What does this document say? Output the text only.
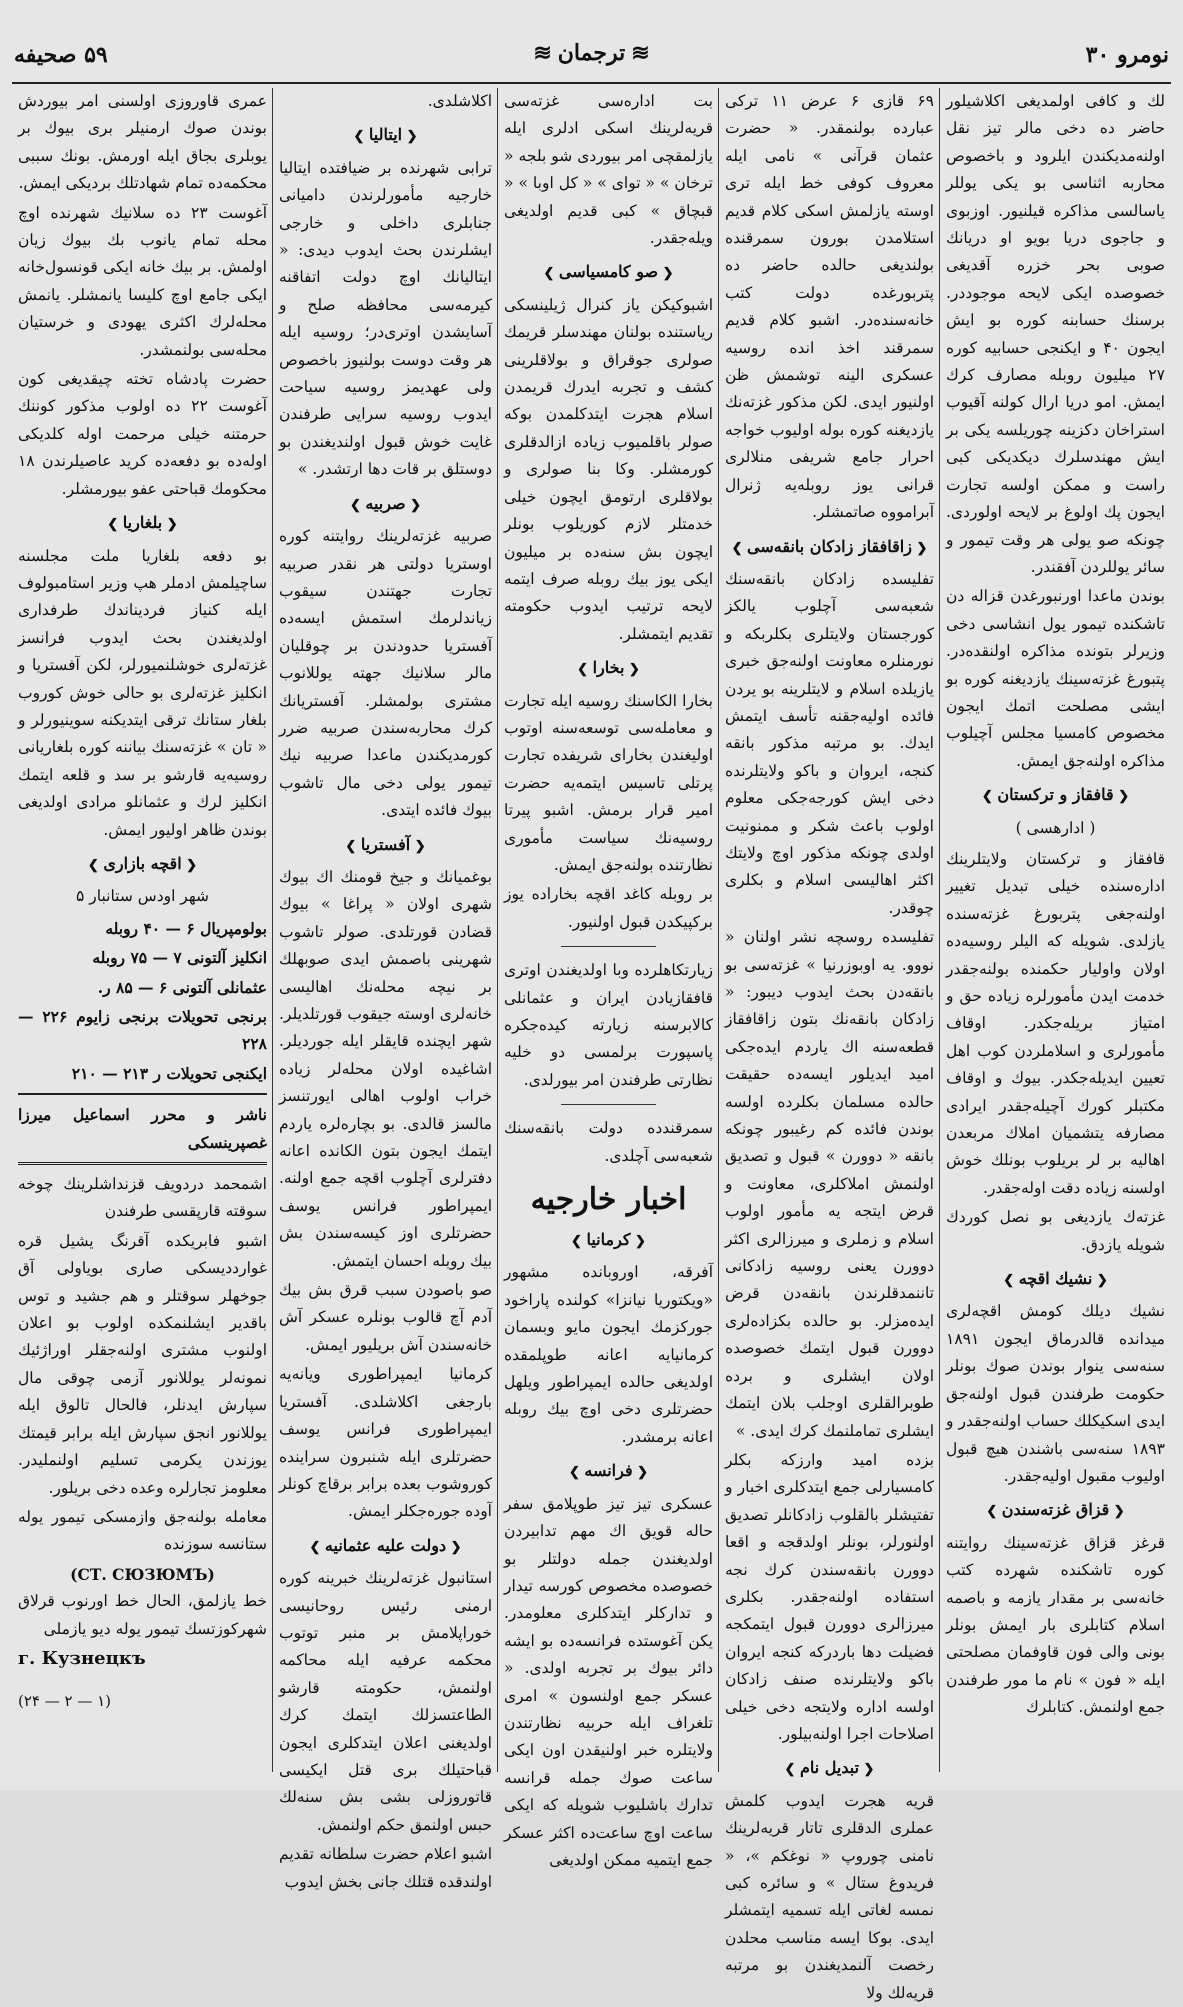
نومرو ۳۰
≋ ترجمان ≋
۵۹ صحیفه

لك و كافی اولمدیغی اكلاشیلور حاضر ده دخی مالر تیز نقل اولنه‌مدیکندن ایلرود و باخصوص محاربه اثناسی بو یكی یوللر یاسالسی مذاكره قیلنیور. اوزبوی و جاجوی دریا بویو او دریانك صوبی بحر خزره آقدیغی خصوصده ایكی لایحه موجوددر. برسنك حسابنه كوره بو ایش ایجون ۴۰ و ایكنجی حسابیه كوره ۲۷ میلیون روبله مصارف كرك ایمش. امو دریا ارال كولنه آقیوب استراخان دكزینه چوریلسه یكی بر ایش مهندسلرك دیكدیكی كبی راست و ممكن اولسه تجارت ایجون پك اولوغ بر لایحه اولوردی. چونكه صو یولی هر وقت تیمور و سائر یوللردن آفقندر.

بوندن ماعدا اورنبورغدن قزاله دن تاشكنده تیمور یول انشاسی دخی وزیرلر بتونده مذاكره اولنقده‌در. پتبورغ غزته‌سینك یازدیغنه كوره بو ایشی مصلحت اتمك ایجون مخصوص كامسیا مجلس آچیلوب مذاكره اولنه‌جق ایمش.

❮ قافقاز و تركستان ❯
( ادارهسی )

قافقاز و تركستان ولایتلرینك اداره‌سنده خیلی تبدیل تغییر اولنه‌جغی پتربورغ غزته‌سنده یازلدی. شویله كه الیلر رو‌سیه‌ده اولان واولیار حكمنده بولنه‌جقدر خدمت ایدن مأمورلره زیاده حق و امتیاز بریله‌جكدر. اوقاف مأمورلری و اسلاملردن كوب اهل تعیین ایدیله‌جكدر. بیوك و اوقاف مكتبلر كورك آچیله‌جقدر ایرادی مصارفه یتشمیان املاك مربعدن اهالیه بر لر بریلوب بونلك خوش اولسنه زیاده دقت اوله‌جقدر.

غزته‌ك یازدیغی بو نصل كوردك شویله یازدق.

❮ نشیك اقچه ❯

نشیك دیلك كومش اقچه‌لری میدانده قالدرماق ایجون ۱۸۹۱ سنه‌سی ینوار بوندن صوك بونلر حكومت طرفندن قبول اولنه‌جق ایدی اسكیكلك حساب اولنه‌جقدر و ۱۸۹۳ سنه‌سی باشندن هیچ قبول اولیوب مقبول اولیه‌جقدر.

❮ قزاق غزته‌سندن ❯

قرغز قزاق غزته‌سینك روایتنه كوره تاشكنده شهرده كتب خانه‌سی بر مقدار یازمه و باصمه اسلام كتابلری بار ایمش بونلر بونی والی فون قاوفمان مصلحتی ایله « فون » نام ما مور طرفندن جمع اولنمش. كتابلرك

۶۹ قازی ۶ عرض ۱۱ تركی عبارده بولنمقدر. « حضرت عثمان قرآنی » نامی ایله معروف كوفی خط ایله تری اوسته یازلمش اسكی كلام قدیم استلامدن بورون سمرقنده بولندیغی حالده حاضر ده پتربورغده دولت كتب خانه‌سنده‌در. اشبو كلام قدیم سمرقند اخذ انده روسیه عسكری الینه توشمش ظن اولنیور ایدی. لكن مذكور غزته‌نك یازدیغنه كوره بوله اولیوب خواجه احرار جامع شریفی منلالری قرانی یوز روبله‌یه ژنرال آبرامووه صاتمشلر.

❮ زاقافقاز زادكان بانقه‌سی ❯

تفلیسده زادكان بانقه‌سنك شعبه‌سی آچلوب یالكز كورجستان ولایتلری بكلربكه و نورمنلره معاونت اولنه‌جق خبری یازیلده اسلام و لایتلرینه بو یردن فائده اولیه‌جقنه تأسف ایتمش ایدك. بو مرتبه مذكور بانقه كنجه، ایروان و باكو ولایتلرنده دخی ایش كورجه‌جكی معلوم اولوب باعث شكر و ممنونیت اولدی چونكه مذكور اوچ ولایتك اكثر اهالیسی اسلام و بكلری چوقدر.

تفلیسده روسچه نشر اولنان « نووو. یه اوبوزرنیا » غزته‌سی بو بانقه‌دن بحث ایدوب دیبور: « زادكان بانقه‌نك بتون زاقافقاز قطعه‌سنه اك یاردم ایده‌جكی امید ایدیلور ایسه‌ده حقیقت حالده مسلمان بكلرده اولسه بوندن فائده كم رغیبور چونكه بانقه « دوورن » قبول و تصدیق اولنمش املاكلری، معاونت و قرض ایتجه یه مأمور اولوب اسلام و زملری و میرزالری اكثر دوورن یعنی روسیه زادكانی تاننمدقلرندن بانقه‌دن قرض ایده‌مزلر. بو حالده بكزاده‌لری دوورن قبول ایتمك خصوصده اولان ایشلری و برده طوبرالقلری اوجلب بلان ایتمك ایشلری تماملنمك كرك ایدی. »

بزده امید وارزكه بكلر كامسیارلی جمع ایتدكلری اخبار و تفتیشلر بالقلوب زادكانلر تصدیق اولنورلر، بونلر اولدقجه و اقعا دوورن بانقه‌سندن كرك نجه استفاده اولنه‌جقدر. بكلری میرزالری دوورن قبول ایتمكجه فضیلت دها بار‌دركه كنجه ایروان باكو ولایتلرنده صنف زادكان اولسه اداره ولایتجه دخی خیلی اصلاحات اجرا اولنه‌بیلور.

❮ تبدیل نام ❯

قریه هجرت ایدوب كلمش عملری الدقلری تاتار قریه‌لرینك نامنی چوروپ « نوغكم »، « فریدوغ ستال » و سائره كبی نمسه لغاتی ایله تسمیه ایتمشلر ایدی. بوكا ایسه مناسب محلدن رخصت آلنمدیغندن بو مرتبه قریه‌لك ولا

بت اداره‌سی غزته‌سی قریه‌لرینك اسكی ادلری ایله یازلمقچی امر بیوردی شو بلجه « ترخان » « توای » « كل اوبا » « قبچاق » كبی قدیم اولدیغی ویله‌جقدر.

❮ صو كامسیاسی ❯

اشبوكیكن یاز كنرال ژیلینسكی ریاستنده بولنان مهندسلر قریمك صولری جوقراق و بولاقلرینی كشف و تجربه ایدرك قریمدن اسلام هجرت ایتدكلمدن بوكه صولر باقلمیوب زیاده ازالدقلری كورمشلر. وكا بنا صولری و بولاقلری ارتومق ایچون خیلی خدمتلر لازم كوریلوب بونلر ایچون بش سنه‌ده بر میلیون ایكی یوز بیك روبله صرف ایتمه لایحه ترتیب ایدوب حكومته تقدیم ایتمشلر.

❮ بخارا ❯

بخارا الكاسنك روسیه ایله تجارت و معامله‌سی توسعه‌سنه اوتوب اولیغندن بخارای شریفده تجارت پرتلی تاسیس ایتمه‌یه حضرت امیر قرار برمش. اشبو پیرتا روسیه‌نك سیاست مأموری نظارتنده بولنه‌جق ایمش.

بر روبله كاغد اقچه بخاراده یوز بركپیكدن قبول اولنیور.

زیارتكاهلرده وبا اولدیغندن اوتری قافقازیادن ایران و عثمانلی كالابرسنه زیارته كیده‌جكره پاسپورت برلمسی دو خلیه نظارتی طرفندن امر بیورلدی.

سمرقندده دولت بانقه‌سنك شعبه‌سی آچلدی.

اخبار خارجیه
❮ كرمانیا ❯

آفرقه، اوروبانده مشهور «ویكتوریا نیانزا» كولنده پاراخود جوركزمك ایجون مایو وبسمان كرمانیایه اعانه طوپلمقده اولدیغی حالده ایمپراطور ویلهل حضرتلری دخی اوچ بیك روبله اعانه برمشدر.

❮ فرانسه ❯

عسكری تیز تیز طوپلامق سفر حاله قویق اك مهم تدابیردن اولدیغندن جمله دولتلر بو خصوصده مخصوص كورسه تیدار و تداركلر ایتدكلری معلومدر. یكن آغوستده فرانسه‌ده بو ایشه دائر بیوك بر تجربه اولدی. « عسكر جمع اولنسون » امری تلغراف ایله حربیه نظارتندن ولایتلره خبر اولنیقدن اون ایكی ساعت صوك جمله قرانسه تدارك باشلیوب شویله كه ایكی ساعت اوچ ساعت‌ده اكثر عسكر جمع ایتمیه ممكن اولدیغی

اكلاشلدی.

❮ ایتالیا ❯

ترابی شهرنده بر ضیافتده ایتالیا خارجیه مأمورلرندن داميانی جنابلری داخلی و خارجی ایشلرندن بحث ایدوب دیدی: « ایتالیانك اوچ دولت اتفاقنه كیرمه‌سی محافظه صلح و آسایشدن اوتری‌در؛ روسیه ایله هر وقت دوست بولنیوز باخصوص ولی عهدیمز روسیه سیاحت ایدوب روسیه سرایی طرفندن غایت خوش قبول اولندیغندن بو دوستلق بر قات دها ارتشدر. »

❮ صربیه ❯

صربیه غزته‌لرینك روایتنه كوره اوستریا دولتی هر نقدر صربیه تجارت جهتندن سیقوب زیاندلرمك استمش ایسه‌ده آفستریا حدودندن بر چوقلیان مالر سلانیك جهته یوللانوب مشتری بولمشلر. آفستریانك كرك محاربه‌سندن صربیه ضرر كورمدیكندن ماعدا صربیه نیك تیمور یولی دخی مال تاشوب بیوك فائده ایتدی.

❮ آفستریا ❯

بوغمیانك و جیخ قومنك اك بیوك شهری اولان « پراغا » بیوك قضادن قورتلدی. صولر تاشوب شهرینی باصمش ایدی صوبهلك بر نیچه محله‌نك اهالیسی خانه‌لری اوسته جیقوب قورتلدیلر. شهر ایچنده قایقلر ایله جوردیلر. اشاغیده اولان محله‌لر زیاده خراب اولوب اهالی ایورتنسز مالسز قالدی. بو بچاره‌لره یاردم ایتمك ایجون بتون الكانده اعانه دفترلری آچلوب اقچه جمع اولنه. ایمپراطور فرانس یوسف حضرتلری اوز كیسه‌سندن بش بیك روبله احسان ایتمش.

صو باصودن سبب قرق بش بیك آدم آچ قالوب بونلره عسكر آش خانه‌سندن آش بریلیور ایمش.

كرمانیا ایمپراطوری ویانه‌یه بارجغی اكلاشلدی. آفستریا ایمپراطوری فرانس یوسف حضرتلری ایله شنبرون سراینده كوروشوب بعده برابر برقاچ كونلر آوده جوره‌جكلر ایمش.

❮ دولت علیه عثمانیه ❯

استانبول غزته‌لرینك خبرینه كوره ارمنی رئیس روحانیسی خوراپلامش بر منبر توتوب محكمه عرفیه ایله محاكمه اولنمش، حكومته قارشو الطاعتسزلك ایتمك كرك اولدیغنی اعلان ایتدكلری ایجون قباحتیلك بری قتل ایكیسی قاتوروزلی بشی بش سنه‌لك حبس اولنمق حكم اولنمش.

اشبو اعلام حضرت سلطانه تقدیم اولندقده قتلك جانی بخش ایدوب

عمری قاوروزی اولسنی امر بیوردش بوندن صوك ارمنیلر بری بیوك بر یوبلری بجاق ایله اورمش. بونك سببی محكمه‌ده تمام شهادتلك بردیكی ایمش.

آغوست ۲۳ ده سلانیك شهرنده اوچ محله تمام یانوب بك بیوك زیان اولمش. بر بیك خانه ایكی قونسول‌خانه ایكی جامع اوچ كلیسا یانمشلر. یانمش محله‌لرك اكثری یهودی و خرستیان محله‌سی بولنمشدر.

حضرت پادشاه تخته چیقدیغی كون آغوست ۲۲ ده اولوب مذكور كوننك حرمتنه خیلی مرحمت اوله كلدیكی اوله‌ده بو دفعه‌ده كرید عاصیلرندن ۱۸ محكومك قباحتی عفو بیورمشلر.

❮ بلغاریا ❯

بو دفعه بلغاریا ملت مجلسنه ساچیلمش ادملر هپ وزیر استامبولوف ایله كنیاز فردیناندك طرفداری اولدیغندن بحث ایدوب فرانسز غزته‌لری خوشلنمیورلر، لكن آفستریا و انكلیز غزته‌لری بو حالی خوش كوروب بلغار ستانك ترقی ایتدیكنه سوینیورلر و « تان » غزته‌سنك بیاننه كوره بلغاریانی روسیه‌یه قارشو بر سد و قلعه ایتمك انكلیز لرك و عثمانلو مرادی اولدیغی بوندن ظاهر اولیور ایمش.

❮ اقچه بازاری ❯
شهر اودس ستانبار ۵

بولومپریال ۶ — ۴۰ روبله

انكلیز آلتونی ۷ — ۷۵ روبله

عثمانلی آلتونی ۶ — ۸۵ ر.

برنجی تحویلات برنجی زایوم ۲۲۶ — ۲۲۸

ایكنجی تحویلات ر ۲۱۳ — ۲۱۰

ناشر و محرر اسماعیل میرزا غصپرینسكی

اشمحمد دردویف قزنداشلرینك چوخه سوقته قارپقسی طرفندن

اشبو فابریكده آقرنگ یشیل قره غوارددیسكی صاری بوياولی آق جوخهلر سوقتلر و هم جشید و توس باقدیر ایشلنمكده اولوب بو اعلان اولنوب مشتری اولنه‌جقلر اوراژئیك نمونه‌لر یوللانور آزمی چوقی مال سپارش ایدنلر، فالحال تالوق ایله یوللانور انجق سپارش ایله برابر قیمتك یوزندن یكرمی تسلیم اولنملیدر. معلومز تجارلره وعده دخی بریلور.

معامله بولنه‌جق وازمسكی تیمور یوله ستانسه سوزنده

(СТ. СЮЗЮМЪ)

خط یازلمق، الحال خط اورنوب قرلاق شهركوزتسك تیمور یوله دیو یازملی

г. Кузнецкъ
(۲۴ — ۲ — ۱)
